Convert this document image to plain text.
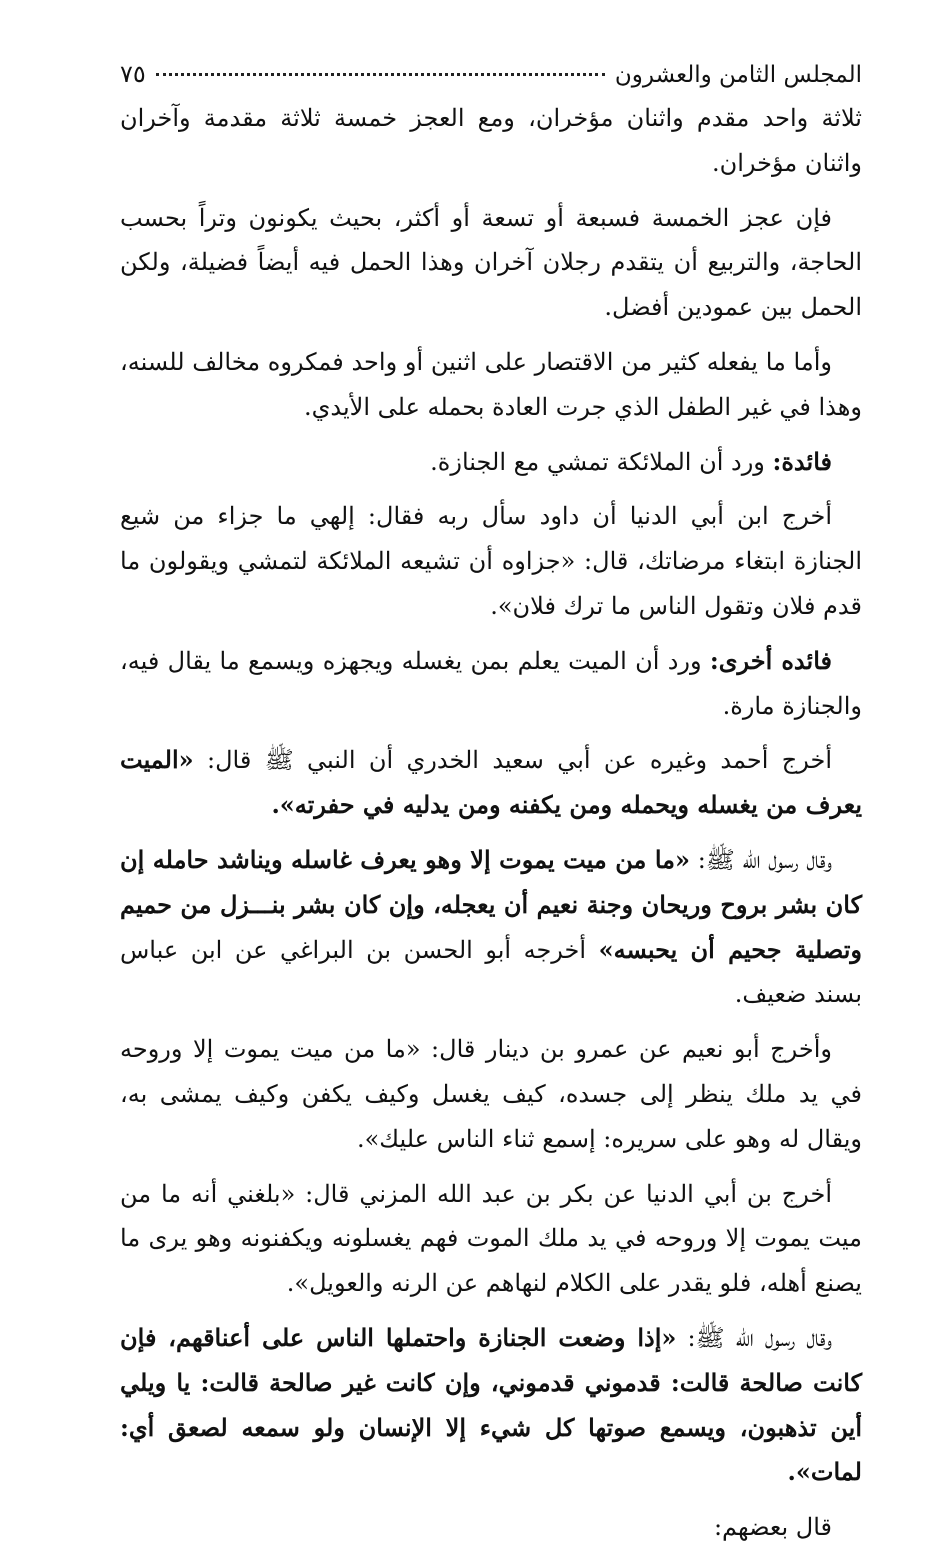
المجلس الثامن والعشرون
٧٥

ثلاثة واحد مقدم واثنان مؤخران، ومع العجز خمسة ثلاثة مقدمة وآخران واثنان مؤخران.

فإن عجز الخمسة فسبعة أو تسعة أو أكثر، بحيث يكونون وتراً بحسب الحاجة، والتربيع أن يتقدم رجلان آخران وهذا الحمل فيه أيضاً فضيلة، ولكن الحمل بين عمودين أفضل.

وأما ما يفعله كثير من الاقتصار على اثنين أو واحد فمكروه مخالف للسنه، وهذا في غير الطفل الذي جرت العادة بحمله على الأيدي.

فائدة: ورد أن الملائكة تمشي مع الجنازة.

أخرج ابن أبي الدنيا أن داود سأل ربه فقال: إلهي ما جزاء من شيع الجنازة ابتغاء مرضاتك، قال: «جزاوه أن تشيعه الملائكة لتمشي ويقولون ما قدم فلان وتقول الناس ما ترك فلان».

فائده أخرى: ورد أن الميت يعلم بمن يغسله ويجهزه ويسمع ما يقال فيه، والجنازة مارة.

أخرج أحمد وغيره عن أبي سعيد الخدري أن النبي ﷺ قال: «الميت يعرف من يغسله ويحمله ومن يكفنه ومن يدليه في حفرته».

وقال رسول الله ﷺ: «ما من ميت يموت إلا وهو يعرف غاسله ويناشد حامله إن كان بشر بروح وريحان وجنة نعيم أن يعجله، وإن كان بشر بنـــزل من حميم وتصلية جحيم أن يحبسه» أخرجه أبو الحسن بن البراغي عن ابن عباس بسند ضعيف.

وأخرج أبو نعيم عن عمرو بن دينار قال: «ما من ميت يموت إلا وروحه في يد ملك ينظر إلى جسده، كيف يغسل وكيف يكفن وكيف يمشى به، ويقال له وهو على سريره: إسمع ثناء الناس عليك».

أخرج بن أبي الدنيا عن بكر بن عبد الله المزني قال: «بلغني أنه ما من ميت يموت إلا وروحه في يد ملك الموت فهم يغسلونه ويكفنونه وهو يرى ما يصنع أهله، فلو يقدر على الكلام لنهاهم عن الرنه والعويل».

وقال رسول الله ﷺ: «إذا وضعت الجنازة واحتملها الناس على أعناقهم، فإن كانت صالحة قالت: قدموني قدموني، وإن كانت غير صالحة قالت: يا ويلي أين تذهبون، ويسمع صوتها كل شيء إلا الإنسان ولو سمعه لصعق أي: لمات».

قال بعضهم:
